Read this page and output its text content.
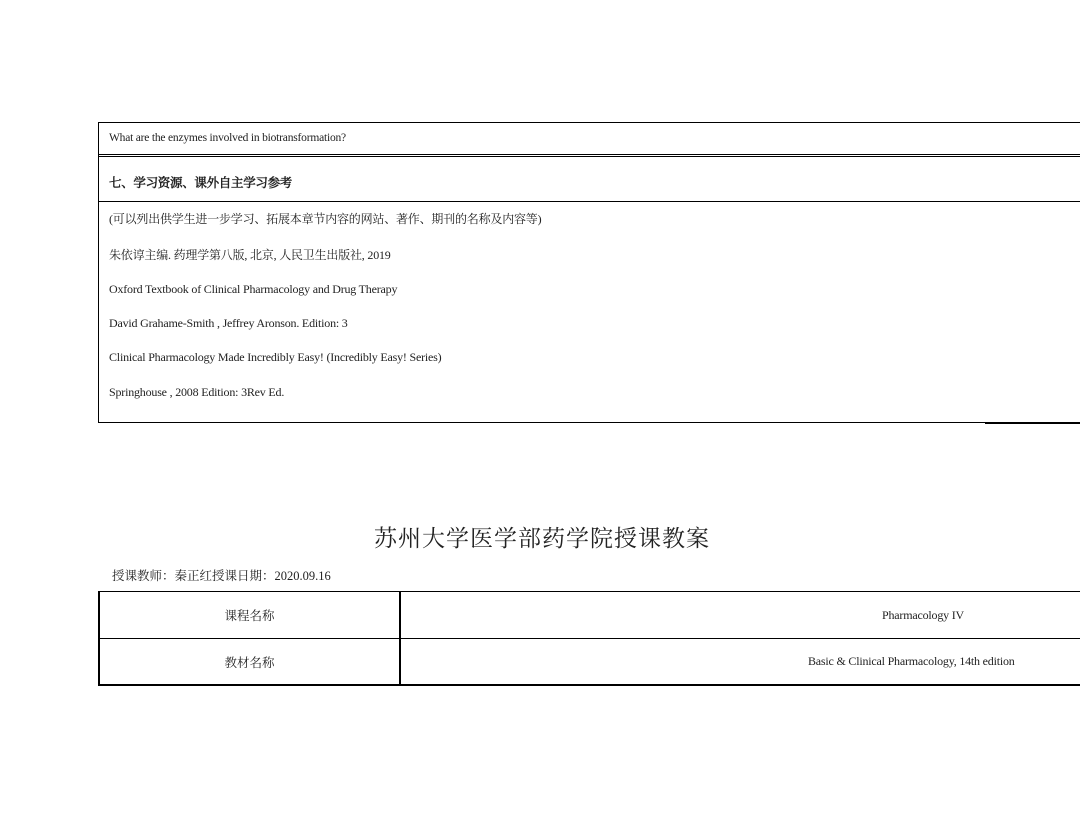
What are the enzymes involved in biotransformation?
七、学习资源、课外自主学习参考
(可以列出供学生进一步学习、拓展本章节内容的网站、著作、期刊的名称及内容等)
朱依谆主编. 药理学第八版, 北京, 人民卫生出版社, 2019
Oxford Textbook of Clinical Pharmacology and Drug Therapy
David Grahame-Smith , Jeffrey Aronson. Edition: 3
Clinical Pharmacology Made Incredibly Easy! (Incredibly Easy! Series)
Springhouse , 2008 Edition: 3Rev Ed.
苏州大学医学部药学院授课教案
授课教师：秦正红授课日期：2020.09.16
课程名称	Pharmacology IV
教材名称	Basic & Clinical Pharmacology, 14th edition
